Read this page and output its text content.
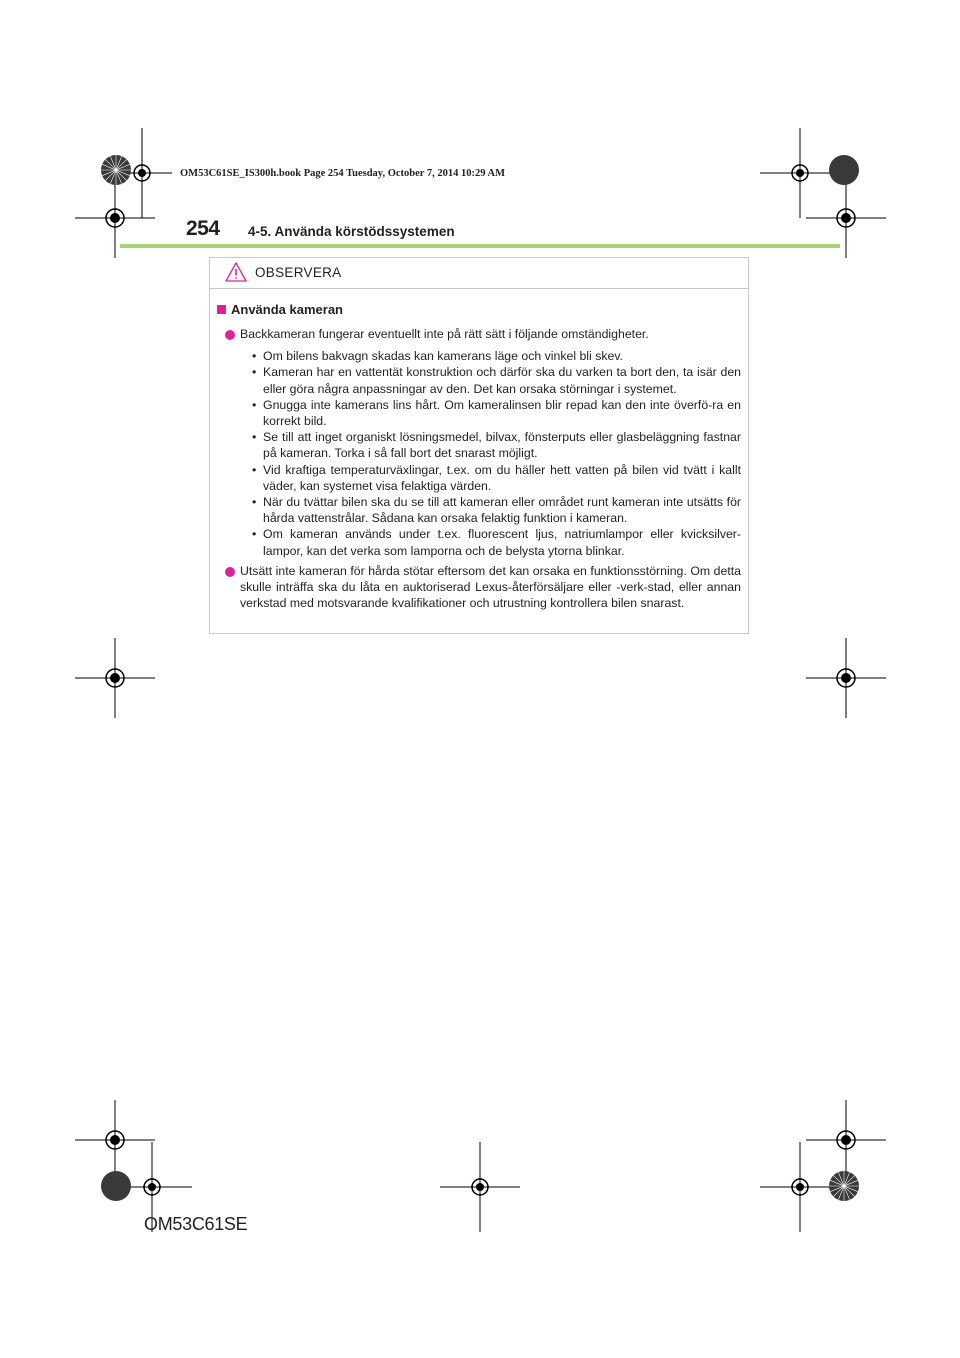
OM53C61SE_IS300h.book Page 254 Tuesday, October 7, 2014 10:29 AM
254 4-5. Använda körstödssystemen
OBSERVERA
Använda kameran
Backkameran fungerar eventuellt inte på rätt sätt i följande omständigheter.
• Om bilens bakvagn skadas kan kamerans läge och vinkel bli skev.
• Kameran har en vattentät konstruktion och därför ska du varken ta bort den, ta isär den eller göra några anpassningar av den. Det kan orsaka störningar i systemet.
• Gnugga inte kamerans lins hårt. Om kameralinsen blir repad kan den inte överfö-ra en korrekt bild.
• Se till att inget organiskt lösningsmedel, bilvax, fönsterputs eller glasbeläggning fastnar på kameran. Torka i så fall bort det snarast möjligt.
• Vid kraftiga temperaturväxlingar, t.ex. om du häller hett vatten på bilen vid tvätt i kallt väder, kan systemet visa felaktiga värden.
• När du tvättar bilen ska du se till att kameran eller området runt kameran inte utsätts för hårda vattenstrålar. Sådana kan orsaka felaktig funktion i kameran.
• Om kameran används under t.ex. fluorescent ljus, natriumlampor eller kvicksilver-lampor, kan det verka som lamporna och de belysta ytorna blinkar.
Utsätt inte kameran för hårda stötar eftersom det kan orsaka en funktionsstörning. Om detta skulle inträffa ska du låta en auktoriserad Lexus-återförsäljare eller -verk-stad, eller annan verkstad med motsvarande kvalifikationer och utrustning kontrollera bilen snarast.
OM53C61SE
